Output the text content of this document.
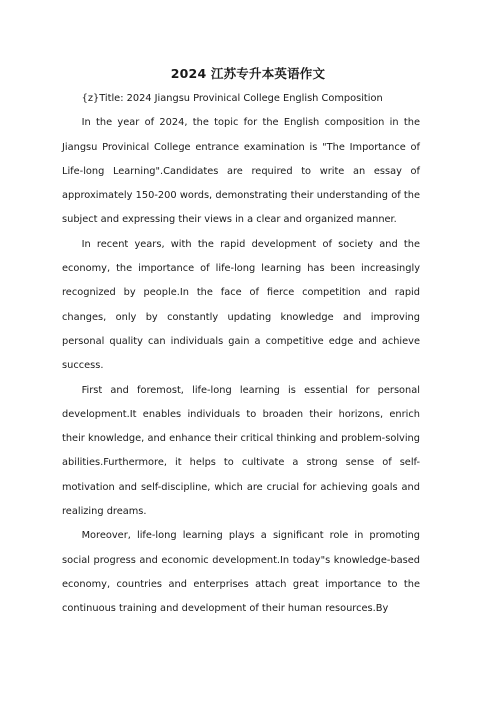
2024 江苏专升本英语作文

{z}Title: 2024 Jiangsu Provinical College English Composition

In the year of 2024, the topic for the English composition in the Jiangsu Provinical College entrance examination is "The Importance of Life-long Learning".Candidates are required to write an essay of approximately 150-200 words, demonstrating their understanding of the subject and expressing their views in a clear and organized manner.

In recent years, with the rapid development of society and the economy, the importance of life-long learning has been increasingly recognized by people.In the face of fierce competition and rapid changes, only by constantly updating knowledge and improving personal quality can individuals gain a competitive edge and achieve success.

First and foremost, life-long learning is essential for personal development.It enables individuals to broaden their horizons, enrich their knowledge, and enhance their critical thinking and problem-solving abilities.Furthermore, it helps to cultivate a strong sense of self-motivation and self-discipline, which are crucial for achieving goals and realizing dreams.

Moreover, life-long learning plays a significant role in promoting social progress and economic development.In today"s knowledge-based economy, countries and enterprises attach great importance to the continuous training and development of their human resources.By
